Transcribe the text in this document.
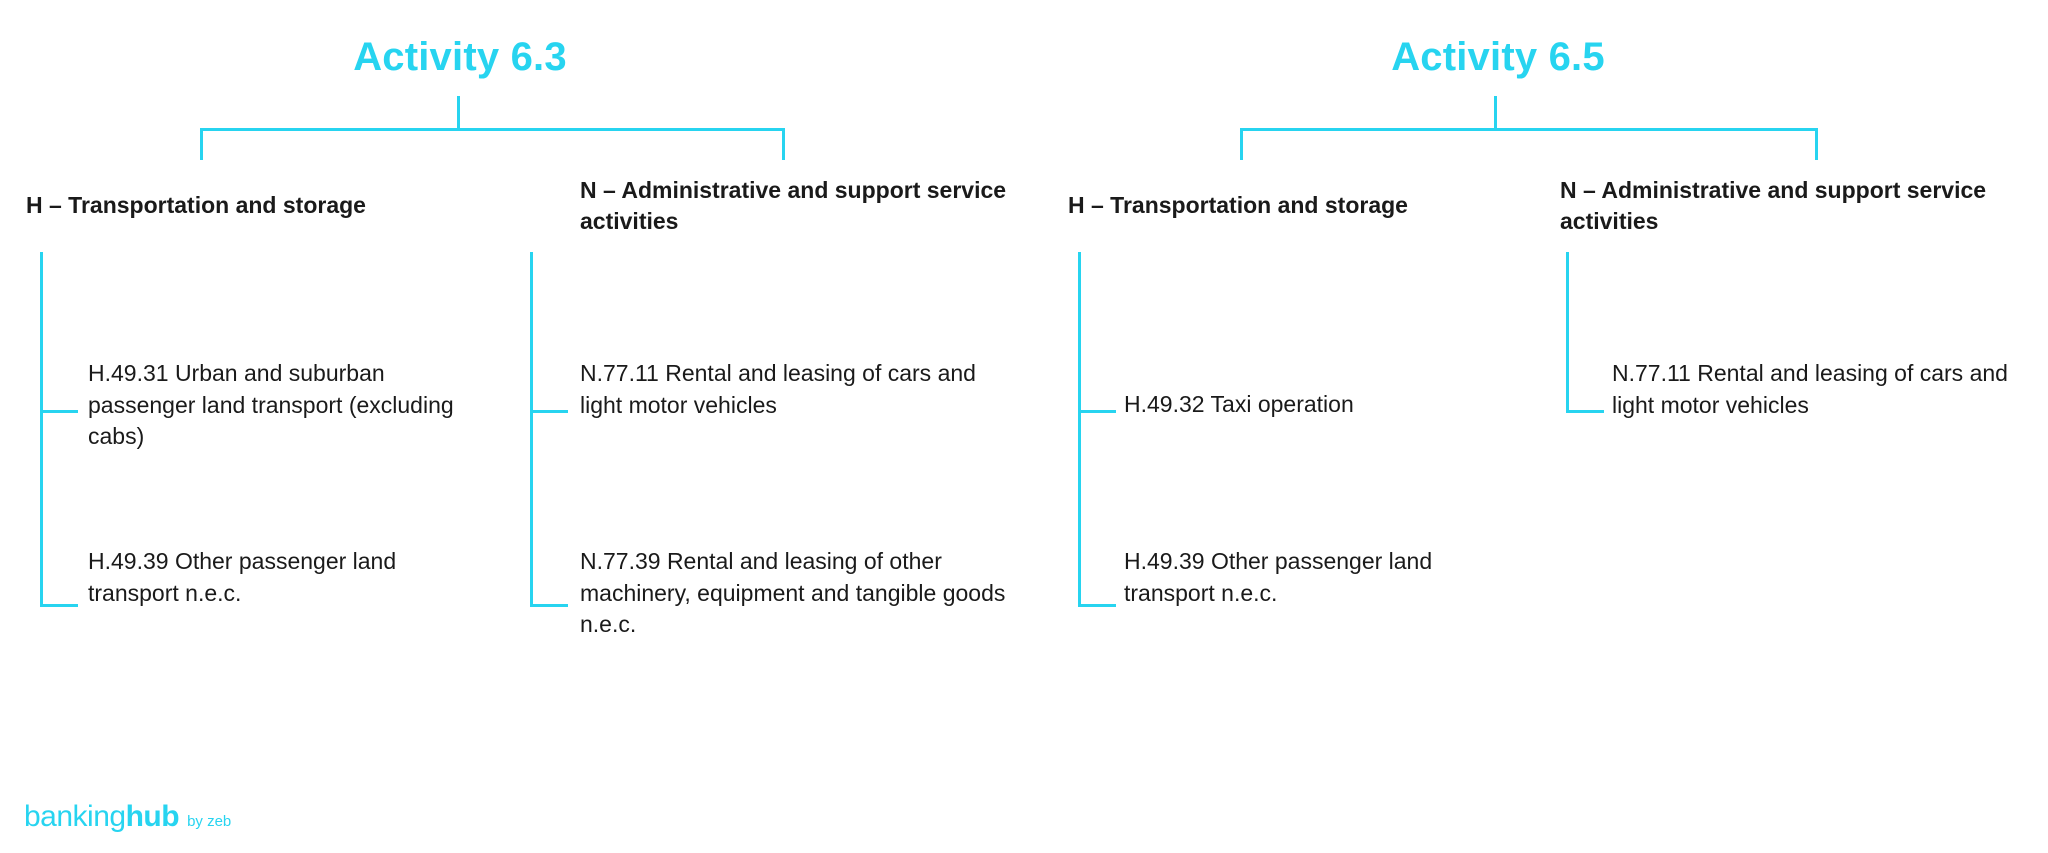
Activity 6.3
H – Transportation and storage
N – Administrative and support service activities
H.49.31 Urban and suburban passenger land transport (excluding cabs)
H.49.39 Other passenger land transport n.e.c.
N.77.11 Rental and leasing of cars and light motor vehicles
N.77.39 Rental and leasing of other machinery, equipment and tangible goods n.e.c.
Activity 6.5
H – Transportation and storage
N – Administrative and support service activities
H.49.32 Taxi operation
H.49.39 Other passenger land transport n.e.c.
N.77.11 Rental and leasing of cars and light motor vehicles
banking hub by zeb
